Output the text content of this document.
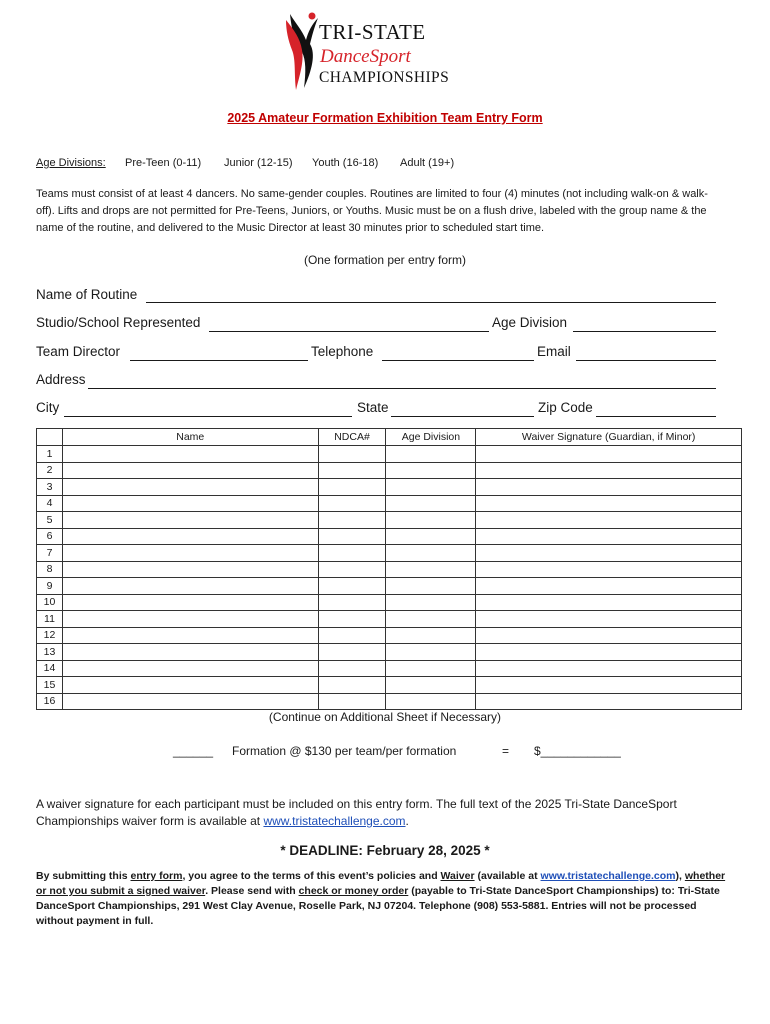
TRI-STATE
DanceSport
CHAMPIONSHIPS
2025 Amateur Formation Exhibition Team Entry Form
Age Divisions: Pre-Teen (0-11) Junior (12-15) Youth (16-18) Adult (19+)
Teams must consist of at least 4 dancers. No same-gender couples. Routines are limited to four (4) minutes (not including walk-on & walk-off). Lifts and drops are not permitted for Pre-Teens, Juniors, or Youths. Music must be on a flush drive, labeled with the group name & the name of the routine, and delivered to the Music Director at least 30 minutes prior to scheduled start time.
(One formation per entry form)
Name of Routine
Studio/School Represented	Age Division
Team Director	Telephone	Email
Address
City	State	Zip Code
	Name	NDCA#	Age Division	Waiver Signature (Guardian, if Minor)
1				
2				
3				
4				
5				
6				
7				
8				
9				
10				
11				
12				
13				
14				
15				
16				
(Continue on Additional Sheet if Necessary)
______ Formation @ $130 per team/per formation	= $____________
A waiver signature for each participant must be included on this entry form. The full text of the 2025 Tri-State DanceSport Championships waiver form is available at www.tristatechallenge.com.
* DEADLINE: February 28, 2025 *
By submitting this entry form, you agree to the terms of this event’s policies and Waiver (available at www.tristatechallenge.com), whether or not you submit a signed waiver. Please send with check or money order (payable to Tri-State DanceSport Championships) to: Tri-State DanceSport Championships, 291 West Clay Avenue, Roselle Park, NJ 07204. Telephone (908) 553-5881. Entries will not be processed without payment in full.
